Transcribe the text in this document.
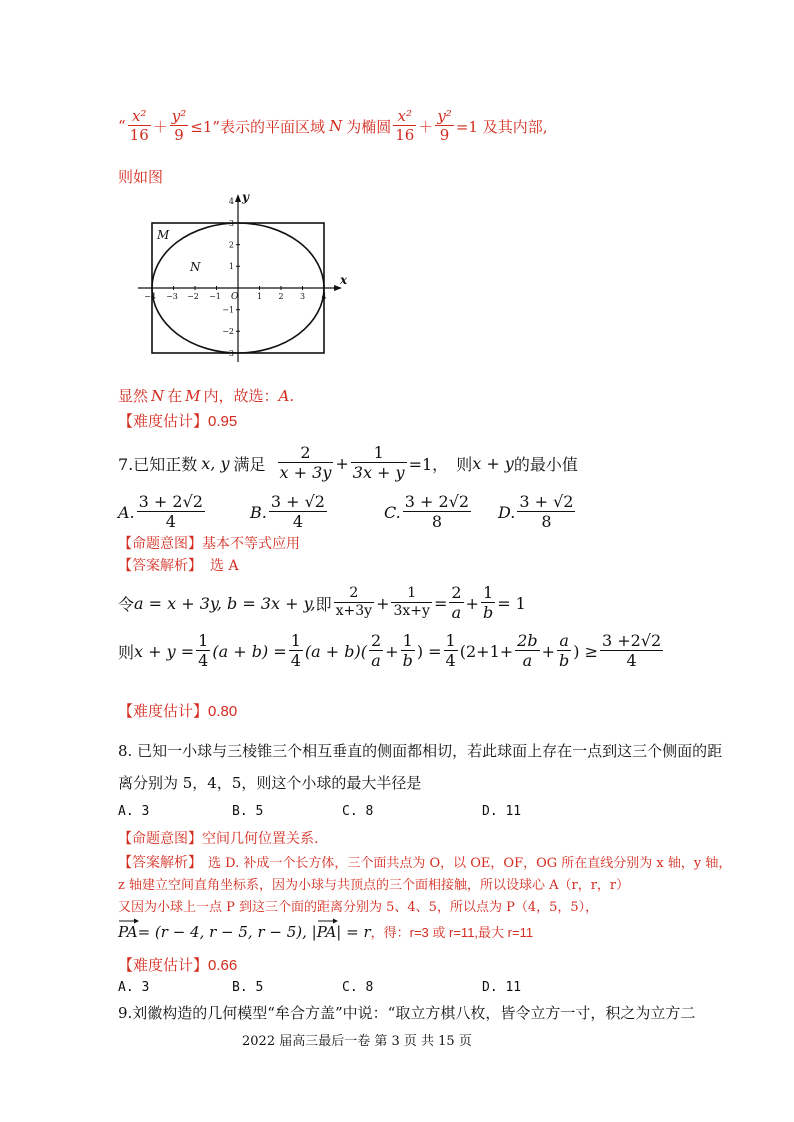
“ $\frac{\text{x²}}{16} + \frac{\text{y²}}{9} \le 1$”表示的平面区域 N 为椭圆 $\frac{\text{x²}}{16} + \frac{\text{y²}}{9} =1$ 及其内部,
则如图
−4 −3 −2 −1	1 2 3 4
4
3
2
1
−1
−2
−3
O
x
y
M
N
显然 N 在 M 内，故选：A.
【难度估计】0.95
7.已知正数 x, y 满足 $\frac{2}{x + 3y} + \frac{1}{3x + y} =1$， 则 x + y 的最小值
A. $\frac{3 + 2√2}{4}$	B. $\frac{3 + √2}{4}$	C. $\frac{3 + 2√2}{8} D$. $\frac{3 + √2}{8}$
【命题意图】基本不等式应用
【答案解析】 选 A
令 a = x + 3y, b = 3x + y, 即 $\frac{2}{x+3y} + \frac{1}{3x+y} = \frac{2}{a} + \frac{1}{b} = 1$
则 $x + y = \frac{1}{4} (a + b) = \frac{1}{4} (a + b)( \frac{2}{a} + \frac{1}{b}$ ) = $\frac{1}{4} (2+1+ \frac{2b}{a} + \frac{a}{b}$ ) ≥ $\frac{3 +2√2}{4}$
【难度估计】0.80
8. 已知一小球与三棱锥三个相互垂直的侧面都相切，若此球面上存在一点到这三个侧面的距
离分别为 5，4，5，则这个小球的最大半径是
A. 3	B. 5	C. 8	D. 11
【命题意图】空间几何位置关系.
【答案解析】 选 D. 补成一个长方体，三个面共点为 O，以 OE，OF，OG 所在直线分别为 x 轴，y 轴，
z 轴建立空间直角坐标系，因为小球与共顶点的三个面相接触，所以设球心 A（r，r，r）
又因为小球上一点 P 到这三个面的距离分别为 5、4、5，所以点为 P（4，5，5），
PA = (r − 4, r − 5, r − 5), | PA | = r ，得：r=3 或 r=11,最大 r=11
【难度估计】0.66
A. 3	B. 5	C. 8	D. 11
9.刘徽构造的几何模型“牟合方盖”中说：“取立方棋八枚，皆令立方一寸，积之为立方二
2022 届高三最后一卷 第 3 页 共 15 页
